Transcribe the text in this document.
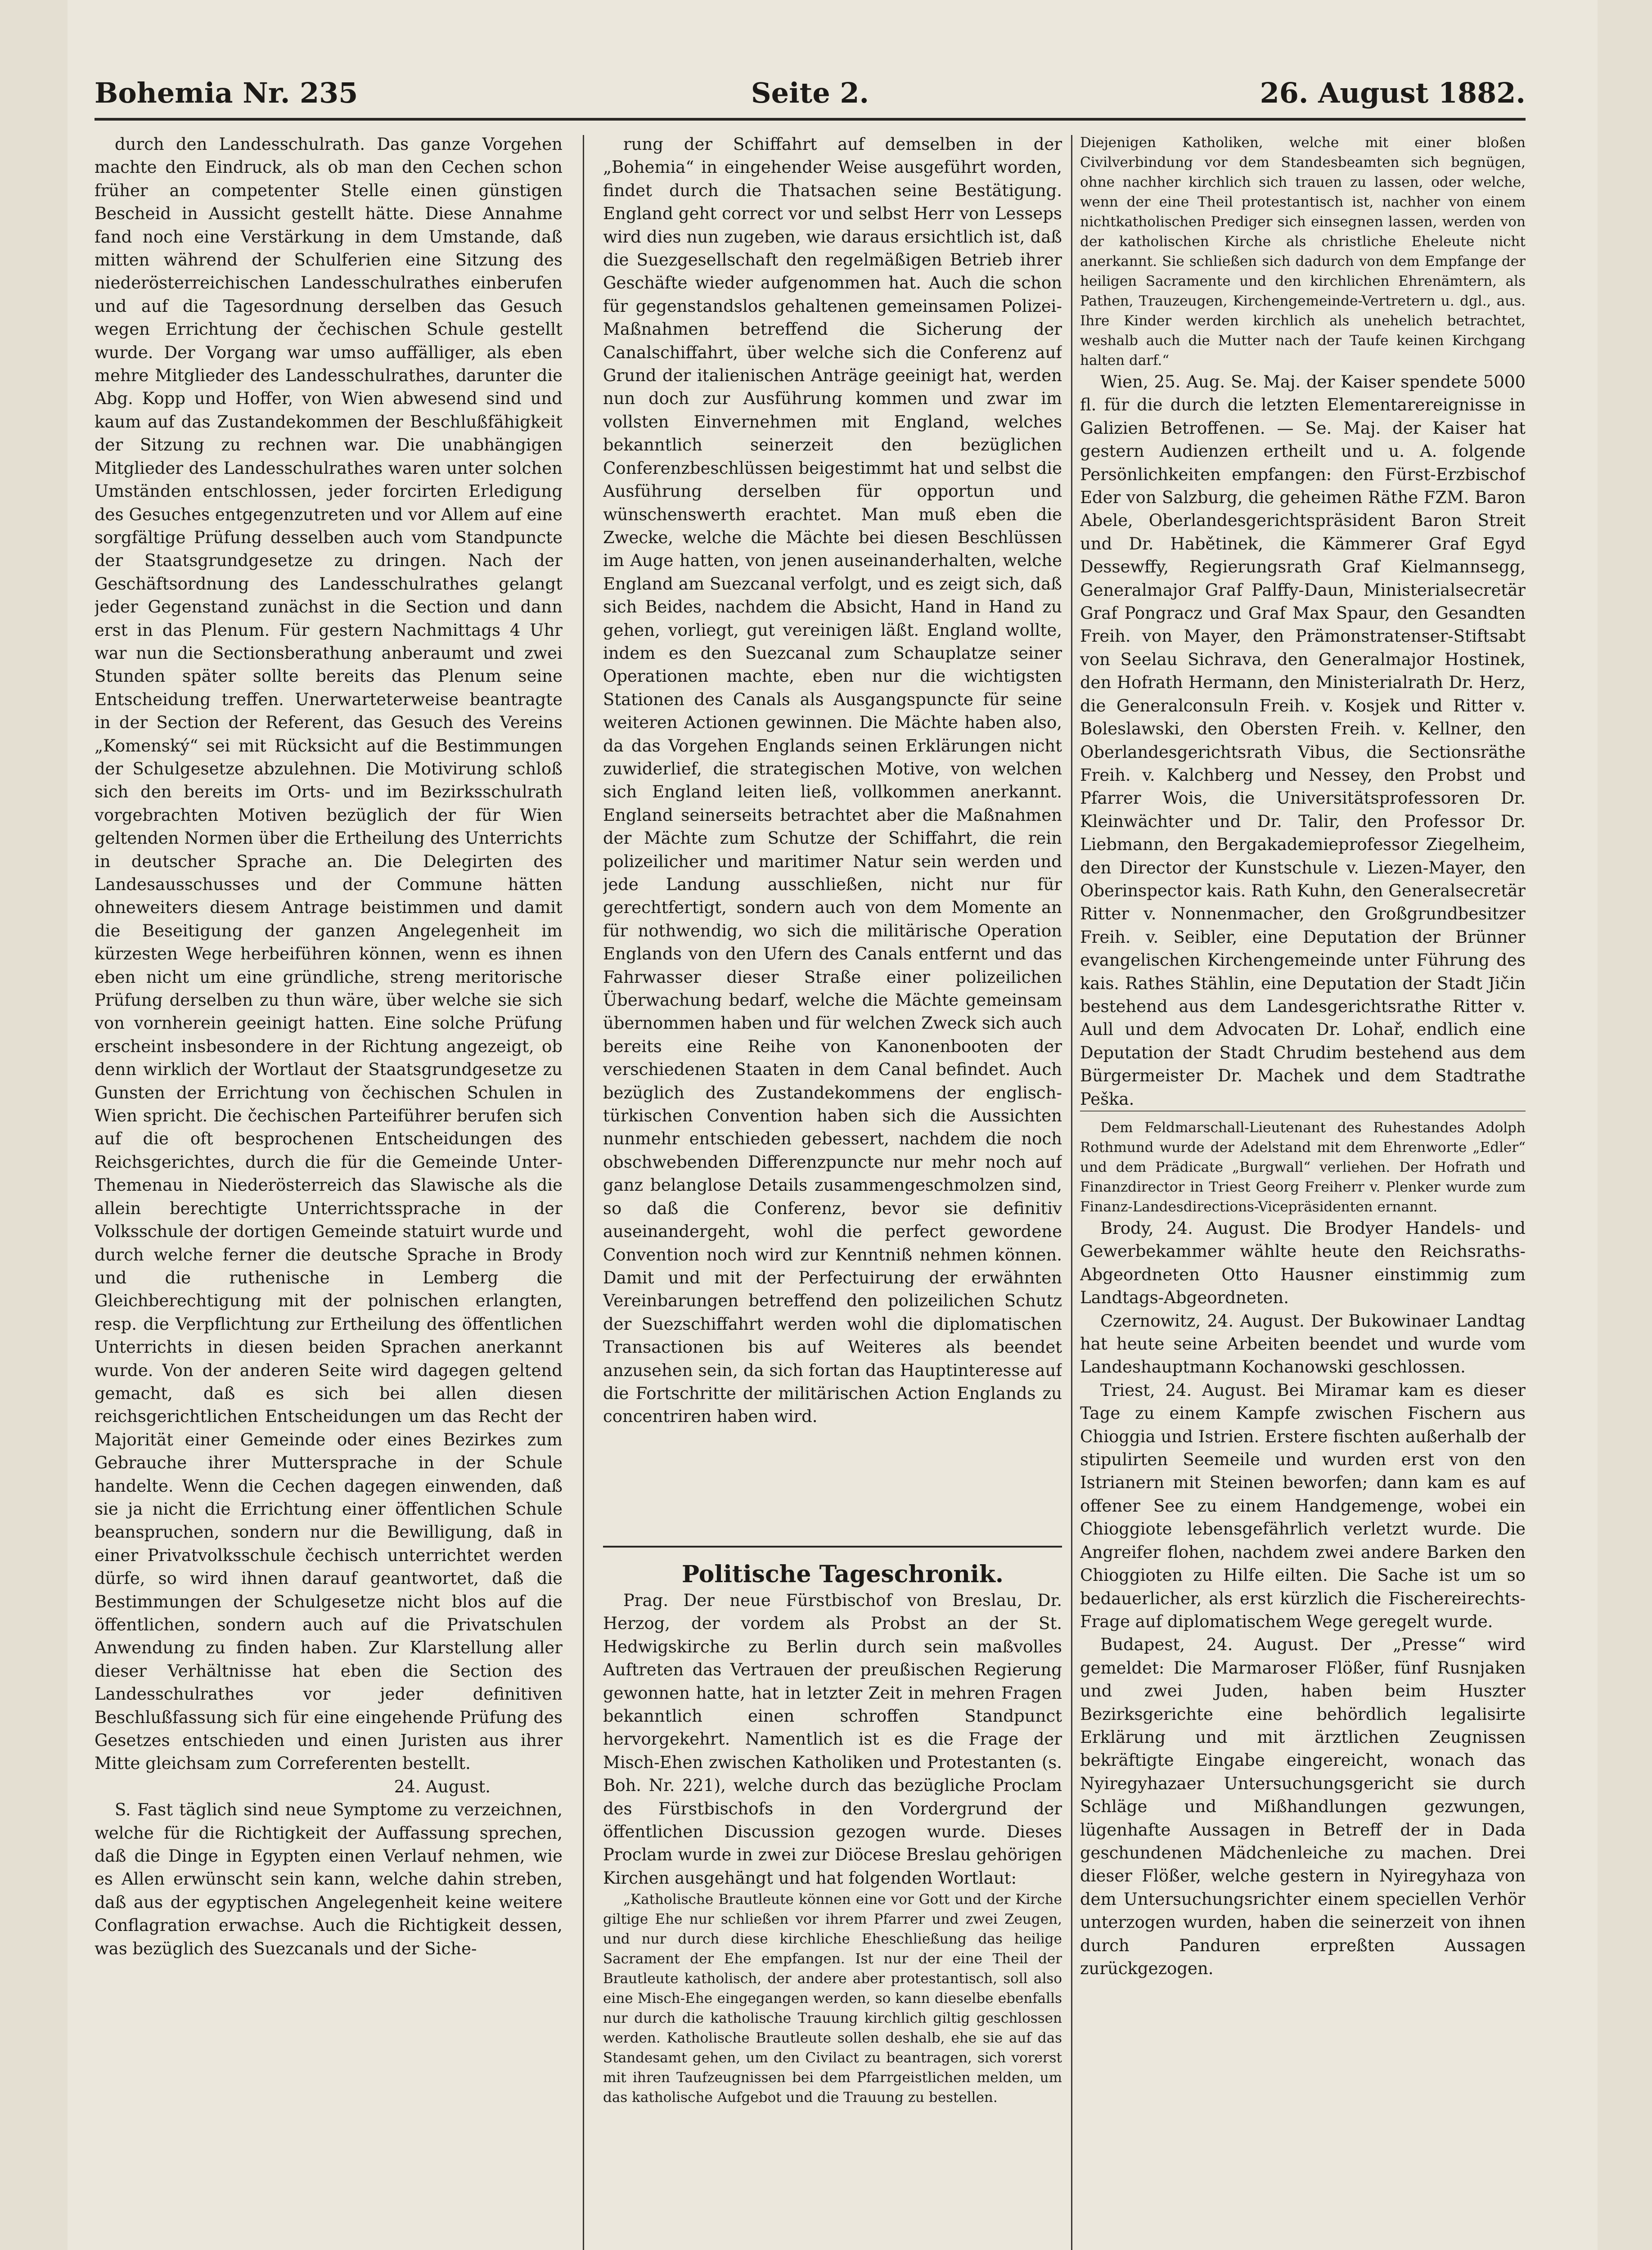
Bohemia Nr. 235	Seite 2.	26. August 1882.

durch den Landesschulrath. Das ganze Vorgehen machte den Eindruck, als ob man den Cechen schon früher an competenter Stelle einen günstigen Bescheid in Aussicht gestellt hätte. Diese Annahme fand noch eine Verstärkung in dem Umstande, daß mitten während der Schulferien eine Sitzung des niederösterreichischen Landesschulrathes einberufen und auf die Tagesordnung derselben das Gesuch wegen Errichtung der čechischen Schule gestellt wurde. Der Vorgang war umso auffälliger, als eben mehre Mitglieder des Landesschulrathes, darunter die Abg. Kopp und Hoffer, von Wien abwesend sind und kaum auf das Zustandekommen der Beschlußfähigkeit der Sitzung zu rechnen war. Die unabhängigen Mitglieder des Landesschulrathes waren unter solchen Umständen entschlossen, jeder forcirten Erledigung des Gesuches entgegenzutreten und vor Allem auf eine sorgfältige Prüfung desselben auch vom Standpuncte der Staatsgrundgesetze zu dringen. Nach der Geschäftsordnung des Landesschulrathes gelangt jeder Gegenstand zunächst in die Section und dann erst in das Plenum. Für gestern Nachmittags 4 Uhr war nun die Sectionsberathung anberaumt und zwei Stunden später sollte bereits das Plenum seine Entscheidung treffen. Unerwarteterweise beantragte in der Section der Referent, das Gesuch des Vereins „Komenský“ sei mit Rücksicht auf die Bestimmungen der Schulgesetze abzulehnen. Die Motivirung schloß sich den bereits im Orts- und im Bezirksschulrath vorgebrachten Motiven bezüglich der für Wien geltenden Normen über die Ertheilung des Unterrichts in deutscher Sprache an. Die Delegirten des Landesausschusses und der Commune hätten ohneweiters diesem Antrage beistimmen und damit die Beseitigung der ganzen Angelegenheit im kürzesten Wege herbeiführen können, wenn es ihnen eben nicht um eine gründliche, streng meritorische Prüfung derselben zu thun wäre, über welche sie sich von vornherein geeinigt hatten. Eine solche Prüfung erscheint insbesondere in der Richtung angezeigt, ob denn wirklich der Wortlaut der Staatsgrundgesetze zu Gunsten der Errichtung von čechischen Schulen in Wien spricht. Die čechischen Parteiführer berufen sich auf die oft besprochenen Entscheidungen des Reichsgerichtes, durch die für die Gemeinde Unter-Themenau in Niederösterreich das Slawische als die allein berechtigte Unterrichtssprache in der Volksschule der dortigen Gemeinde statuirt wurde und durch welche ferner die deutsche Sprache in Brody und die ruthenische in Lemberg die Gleichberechtigung mit der polnischen erlangten, resp. die Verpflichtung zur Ertheilung des öffentlichen Unterrichts in diesen beiden Sprachen anerkannt wurde. Von der anderen Seite wird dagegen geltend gemacht, daß es sich bei allen diesen reichsgerichtlichen Entscheidungen um das Recht der Majorität einer Gemeinde oder eines Bezirkes zum Gebrauche ihrer Muttersprache in der Schule handelte. Wenn die Cechen dagegen einwenden, daß sie ja nicht die Errichtung einer öffentlichen Schule beanspruchen, sondern nur die Bewilligung, daß in einer Privatvolksschule čechisch unterrichtet werden dürfe, so wird ihnen darauf geantwortet, daß die Bestimmungen der Schulgesetze nicht blos auf die öffentlichen, sondern auch auf die Privatschulen Anwendung zu finden haben. Zur Klarstellung aller dieser Verhältnisse hat eben die Section des Landesschulrathes vor jeder definitiven Beschlußfassung sich für eine eingehende Prüfung des Gesetzes entschieden und einen Juristen aus ihrer Mitte gleichsam zum Correferenten bestellt.

24. August.

S. Fast täglich sind neue Symptome zu verzeichnen, welche für die Richtigkeit der Auffassung sprechen, daß die Dinge in Egypten einen Verlauf nehmen, wie es Allen erwünscht sein kann, welche dahin streben, daß aus der egyptischen Angelegenheit keine weitere Conflagration erwachse. Auch die Richtigkeit dessen, was bezüglich des Suezcanals und der Siche-

rung der Schiffahrt auf demselben in der „Bohemia“ in eingehender Weise ausgeführt worden, findet durch die Thatsachen seine Bestätigung. England geht correct vor und selbst Herr von Lesseps wird dies nun zugeben, wie daraus ersichtlich ist, daß die Suezgesellschaft den regelmäßigen Betrieb ihrer Geschäfte wieder aufgenommen hat. Auch die schon für gegenstandslos gehaltenen gemeinsamen Polizei-Maßnahmen betreffend die Sicherung der Canalschiffahrt, über welche sich die Conferenz auf Grund der italienischen Anträge geeinigt hat, werden nun doch zur Ausführung kommen und zwar im vollsten Einvernehmen mit England, welches bekanntlich seinerzeit den bezüglichen Conferenzbeschlüssen beigestimmt hat und selbst die Ausführung derselben für opportun und wünschenswerth erachtet. Man muß eben die Zwecke, welche die Mächte bei diesen Beschlüssen im Auge hatten, von jenen auseinanderhalten, welche England am Suezcanal verfolgt, und es zeigt sich, daß sich Beides, nachdem die Absicht, Hand in Hand zu gehen, vorliegt, gut vereinigen läßt. England wollte, indem es den Suezcanal zum Schauplatze seiner Operationen machte, eben nur die wichtigsten Stationen des Canals als Ausgangspuncte für seine weiteren Actionen gewinnen. Die Mächte haben also, da das Vorgehen Englands seinen Erklärungen nicht zuwiderlief, die strategischen Motive, von welchen sich England leiten ließ, vollkommen anerkannt. England seinerseits betrachtet aber die Maßnahmen der Mächte zum Schutze der Schiffahrt, die rein polizeilicher und maritimer Natur sein werden und jede Landung ausschließen, nicht nur für gerechtfertigt, sondern auch von dem Momente an für nothwendig, wo sich die militärische Operation Englands von den Ufern des Canals entfernt und das Fahrwasser dieser Straße einer polizeilichen Überwachung bedarf, welche die Mächte gemeinsam übernommen haben und für welchen Zweck sich auch bereits eine Reihe von Kanonenbooten der verschiedenen Staaten in dem Canal befindet. Auch bezüglich des Zustandekommens der englisch-türkischen Convention haben sich die Aussichten nunmehr entschieden gebessert, nachdem die noch obschwebenden Differenzpuncte nur mehr noch auf ganz belanglose Details zusammengeschmolzen sind, so daß die Conferenz, bevor sie definitiv auseinandergeht, wohl die perfect gewordene Convention noch wird zur Kenntniß nehmen können. Damit und mit der Perfectuirung der erwähnten Vereinbarungen betreffend den polizeilichen Schutz der Suezschiffahrt werden wohl die diplomatischen Transactionen bis auf Weiteres als beendet anzusehen sein, da sich fortan das Hauptinteresse auf die Fortschritte der militärischen Action Englands zu concentriren haben wird.

Politische Tageschronik.

Prag. Der neue Fürstbischof von Breslau, Dr. Herzog, der vordem als Probst an der St. Hedwigskirche zu Berlin durch sein maßvolles Auftreten das Vertrauen der preußischen Regierung gewonnen hatte, hat in letzter Zeit in mehren Fragen bekanntlich einen schroffen Standpunct hervorgekehrt. Namentlich ist es die Frage der Misch-Ehen zwischen Katholiken und Protestanten (s. Boh. Nr. 221), welche durch das bezügliche Proclam des Fürstbischofs in den Vordergrund der öffentlichen Discussion gezogen wurde. Dieses Proclam wurde in zwei zur Diöcese Breslau gehörigen Kirchen ausgehängt und hat folgenden Wortlaut:

„Katholische Brautleute können eine vor Gott und der Kirche giltige Ehe nur schließen vor ihrem Pfarrer und zwei Zeugen, und nur durch diese kirchliche Eheschließung das heilige Sacrament der Ehe empfangen. Ist nur der eine Theil der Brautleute katholisch, der andere aber protestantisch, soll also eine Misch-Ehe eingegangen werden, so kann dieselbe ebenfalls nur durch die katholische Trauung kirchlich giltig geschlossen werden. Katholische Brautleute sollen deshalb, ehe sie auf das Standesamt gehen, um den Civilact zu beantragen, sich vorerst mit ihren Taufzeugnissen bei dem Pfarrgeistlichen melden, um das katholische Aufgebot und die Trauung zu bestellen.

Diejenigen Katholiken, welche mit einer bloßen Civilverbindung vor dem Standesbeamten sich begnügen, ohne nachher kirchlich sich trauen zu lassen, oder welche, wenn der eine Theil protestantisch ist, nachher von einem nichtkatholischen Prediger sich einsegnen lassen, werden von der katholischen Kirche als christliche Eheleute nicht anerkannt. Sie schließen sich dadurch von dem Empfange der heiligen Sacramente und den kirchlichen Ehrenämtern, als Pathen, Trauzeugen, Kirchengemeinde-Vertretern u. dgl., aus. Ihre Kinder werden kirchlich als unehelich betrachtet, weshalb auch die Mutter nach der Taufe keinen Kirchgang halten darf.“

Wien, 25. Aug. Se. Maj. der Kaiser spendete 5000 fl. für die durch die letzten Elementarereignisse in Galizien Betroffenen. — Se. Maj. der Kaiser hat gestern Audienzen ertheilt und u. A. folgende Persönlichkeiten empfangen: den Fürst-Erzbischof Eder von Salzburg, die geheimen Räthe FZM. Baron Abele, Oberlandesgerichtspräsident Baron Streit und Dr. Habětinek, die Kämmerer Graf Egyd Dessewffy, Regierungsrath Graf Kielmannsegg, Generalmajor Graf Palffy-Daun, Ministerialsecretär Graf Pongracz und Graf Max Spaur, den Gesandten Freih. von Mayer, den Prämonstratenser-Stiftsabt von Seelau Sichrava, den Generalmajor Hostinek, den Hofrath Hermann, den Ministerialrath Dr. Herz, die Generalconsuln Freih. v. Kosjek und Ritter v. Boleslawski, den Obersten Freih. v. Kellner, den Oberlandesgerichtsrath Vibus, die Sectionsräthe Freih. v. Kalchberg und Nessey, den Probst und Pfarrer Wois, die Universitätsprofessoren Dr. Kleinwächter und Dr. Talir, den Professor Dr. Liebmann, den Bergakademieprofessor Ziegelheim, den Director der Kunstschule v. Liezen-Mayer, den Oberinspector kais. Rath Kuhn, den Generalsecretär Ritter v. Nonnenmacher, den Großgrundbesitzer Freih. v. Seibler, eine Deputation der Brünner evangelischen Kirchengemeinde unter Führung des kais. Rathes Stählin, eine Deputation der Stadt Jičin bestehend aus dem Landesgerichtsrathe Ritter v. Aull und dem Advocaten Dr. Lohař, endlich eine Deputation der Stadt Chrudim bestehend aus dem Bürgermeister Dr. Machek und dem Stadtrathe Peška.

Dem Feldmarschall-Lieutenant des Ruhestandes Adolph Rothmund wurde der Adelstand mit dem Ehrenworte „Edler“ und dem Prädicate „Burgwall“ verliehen. Der Hofrath und Finanzdirector in Triest Georg Freiherr v. Plenker wurde zum Finanz-Landesdirections-Vicepräsidenten ernannt.

Brody, 24. August. Die Brodyer Handels- und Gewerbekammer wählte heute den Reichsraths-Abgeordneten Otto Hausner einstimmig zum Landtags-Abgeordneten.

Czernowitz, 24. August. Der Bukowinaer Landtag hat heute seine Arbeiten beendet und wurde vom Landeshauptmann Kochanowski geschlossen.

Triest, 24. August. Bei Miramar kam es dieser Tage zu einem Kampfe zwischen Fischern aus Chioggia und Istrien. Erstere fischten außerhalb der stipulirten Seemeile und wurden erst von den Istrianern mit Steinen beworfen; dann kam es auf offener See zu einem Handgemenge, wobei ein Chioggiote lebensgefährlich verletzt wurde. Die Angreifer flohen, nachdem zwei andere Barken den Chioggioten zu Hilfe eilten. Die Sache ist um so bedauerlicher, als erst kürzlich die Fischereirechts-Frage auf diplomatischem Wege geregelt wurde.

Budapest, 24. August. Der „Presse“ wird gemeldet: Die Marmaroser Flößer, fünf Rusnjaken und zwei Juden, haben beim Huszter Bezirksgerichte eine behördlich legalisirte Erklärung und mit ärztlichen Zeugnissen bekräftigte Eingabe eingereicht, wonach das Nyiregyhazaer Untersuchungsgericht sie durch Schläge und Mißhandlungen gezwungen, lügenhafte Aussagen in Betreff der in Dada geschundenen Mädchenleiche zu machen. Drei dieser Flößer, welche gestern in Nyiregyhaza von dem Untersuchungsrichter einem speciellen Verhör unterzogen wurden, haben die seinerzeit von ihnen durch Panduren erpreßten Aussagen zurückgezogen.
